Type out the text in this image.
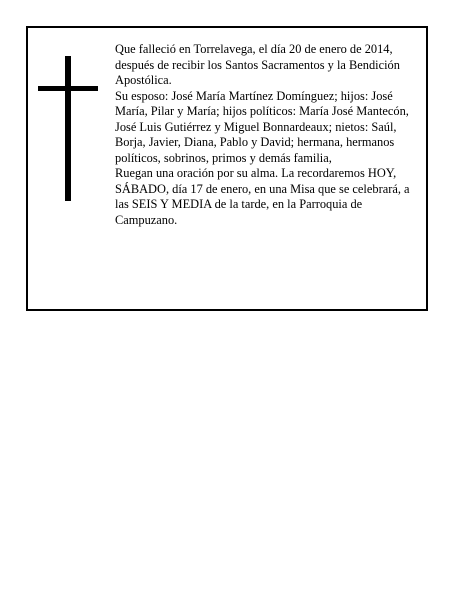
Que falleció en Torrelavega, el día 20 de enero de 2014, después de recibir los Santos Sacramentos y la Bendición Apostólica.

Su esposo: José María Martínez Domínguez; hijos: José María, Pilar y María; hijos políticos: María José Mantecón, José Luis Gutiérrez y Miguel Bonnardeaux; nietos: Saúl, Borja, Javier, Diana, Pablo y David; hermana, hermanos políticos, sobrinos, primos y demás familia,

Ruegan una oración por su alma. La recordaremos HOY, SÁBADO, día 17 de enero, en una Misa que se celebrará, a las SEIS Y MEDIA de la tarde, en la Parroquia de Campuzano.
